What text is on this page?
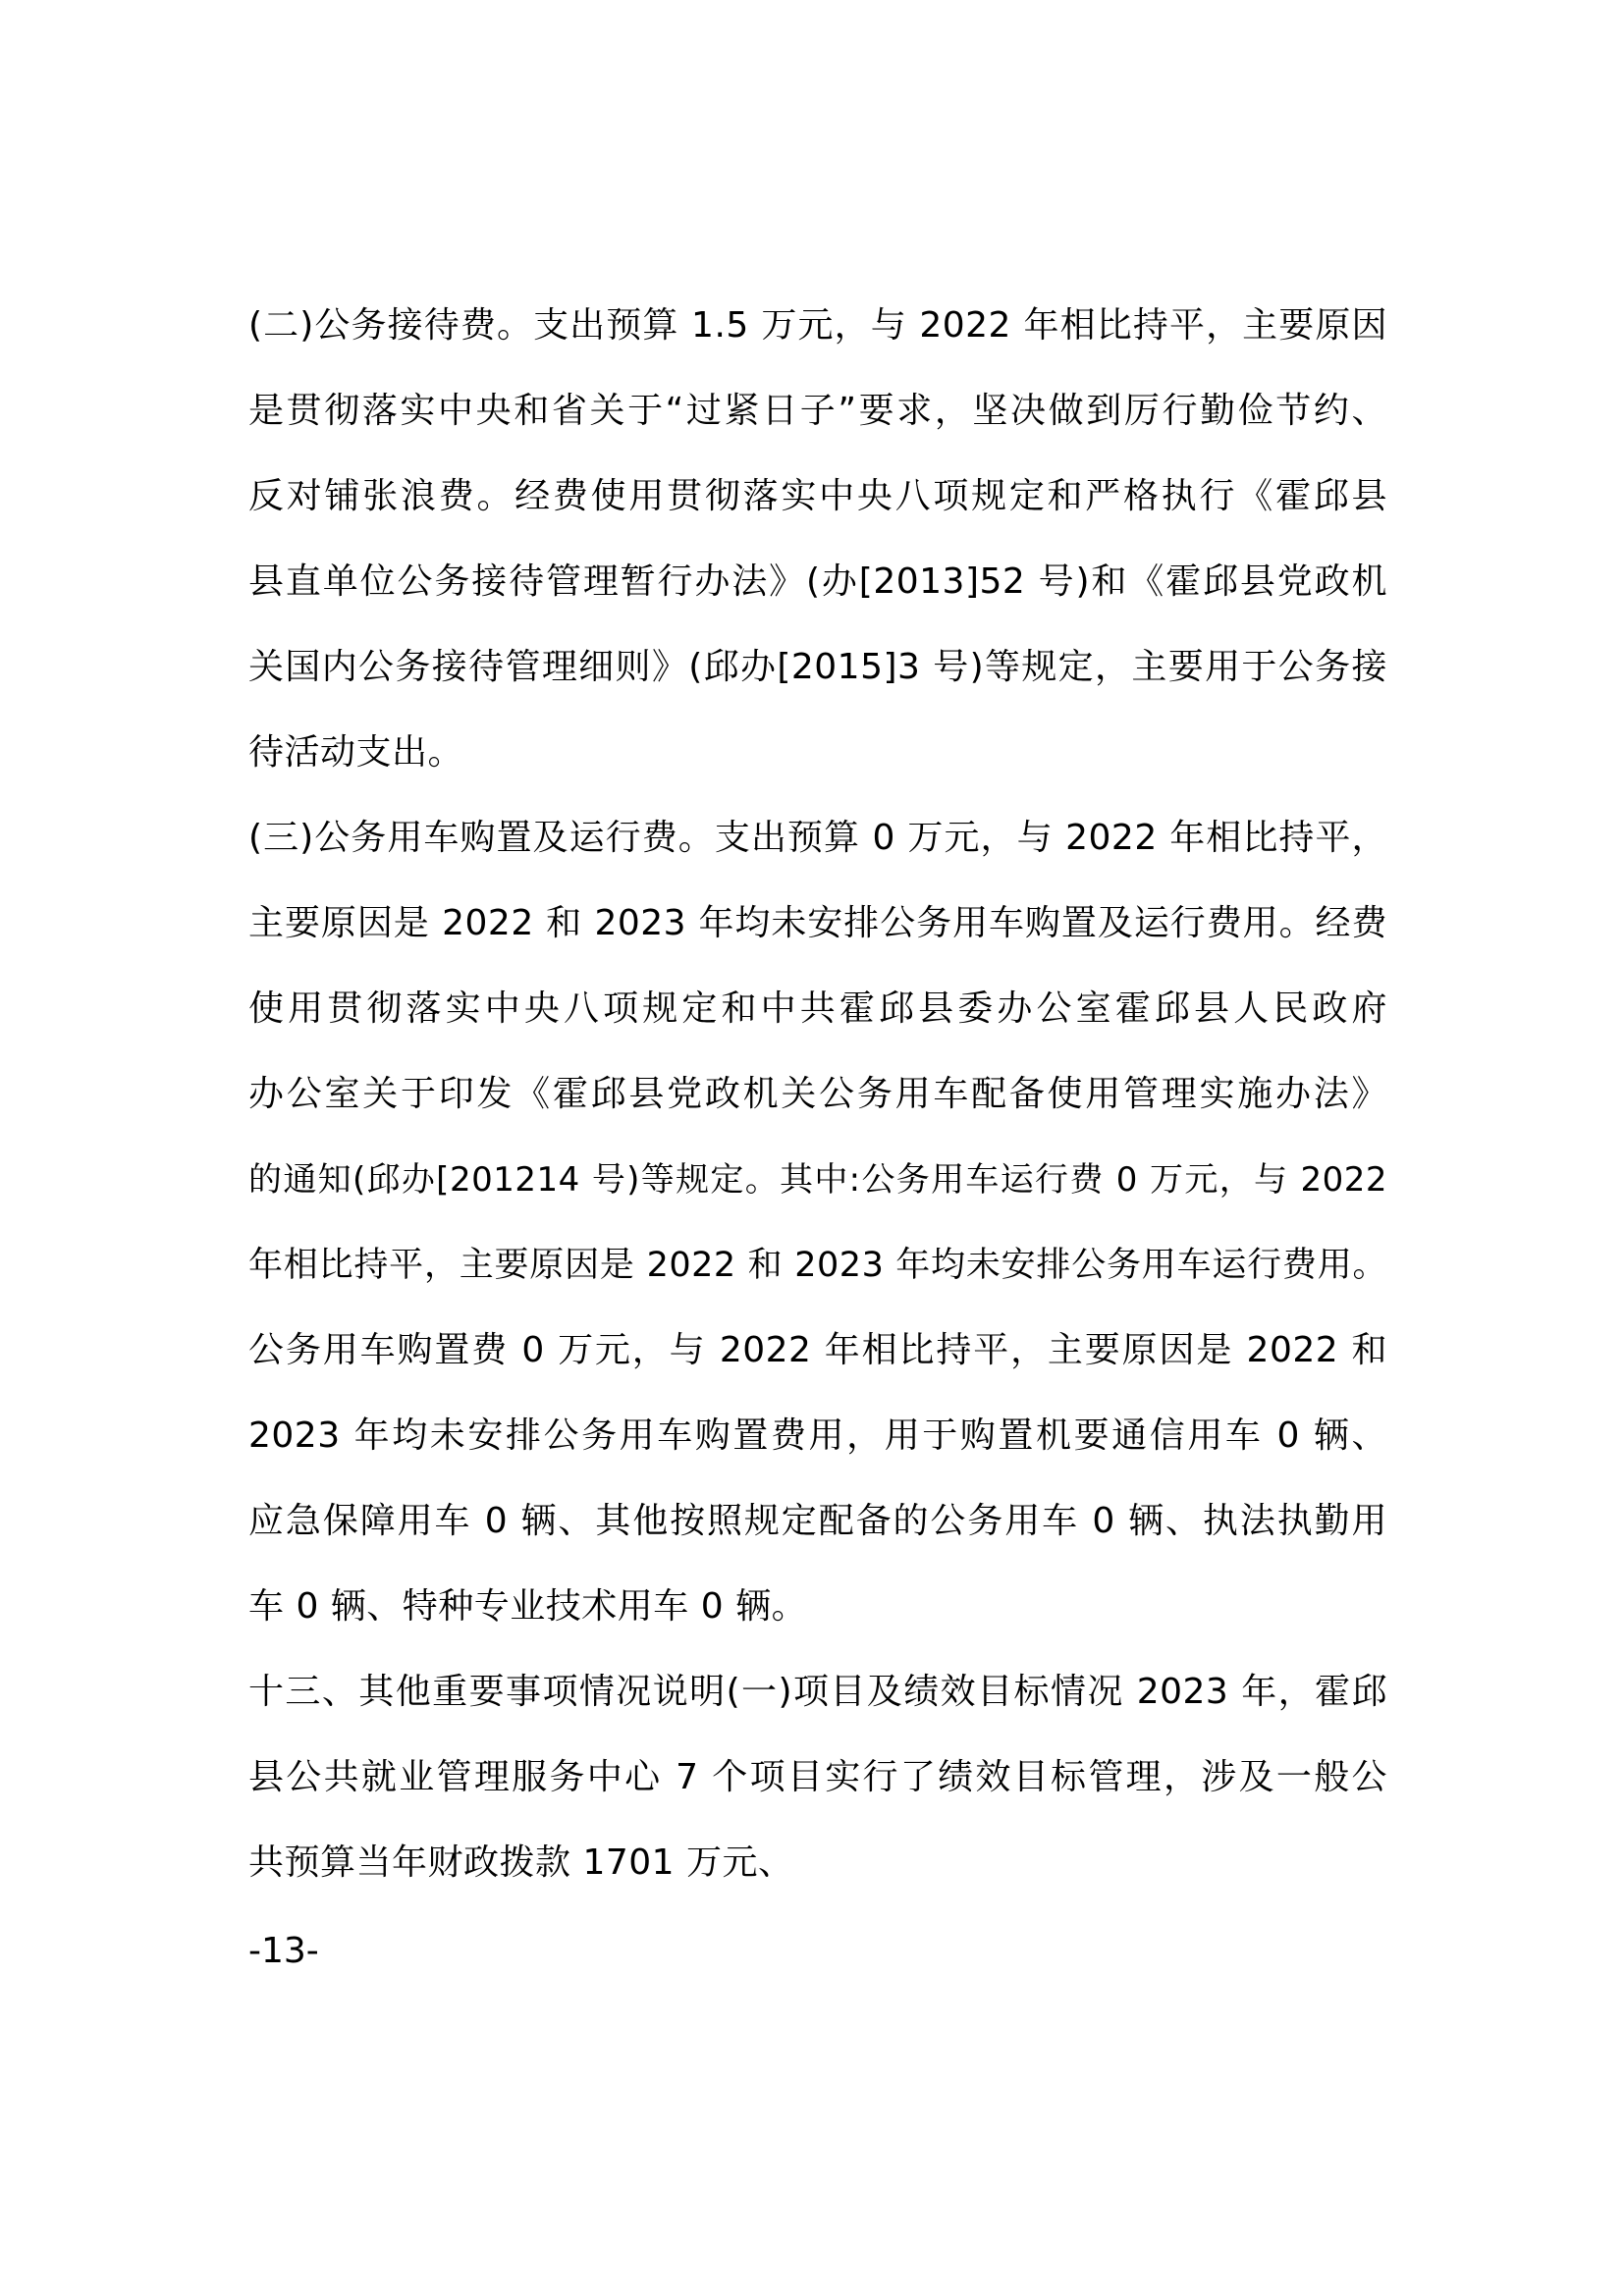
(二)公务接待费。支出预算 1.5 万元，与 2022 年相比持平，主要原因
是贯彻落实中央和省关于“过紧日子”要求，坚决做到厉行勤俭节约、
反对铺张浪费。经费使用贯彻落实中央八项规定和严格执行《霍邱县
县直单位公务接待管理暂行办法》(办[2013]52 号)和《霍邱县党政机
关国内公务接待管理细则》(邱办[2015]3 号)等规定，主要用于公务接
待活动支出。
(三)公务用车购置及运行费。支出预算 0 万元，与 2022 年相比持平，
主要原因是 2022 和 2023 年均未安排公务用车购置及运行费用。经费
使用贯彻落实中央八项规定和中共霍邱县委办公室霍邱县人民政府
办公室关于印发《霍邱县党政机关公务用车配备使用管理实施办法》
的通知(邱办[201214 号)等规定。其中:公务用车运行费 0 万元，与 2022
年相比持平，主要原因是 2022 和 2023 年均未安排公务用车运行费用。
公务用车购置费 0 万元，与 2022 年相比持平，主要原因是 2022 和
2023 年均未安排公务用车购置费用，用于购置机要通信用车 0 辆、
应急保障用车 0 辆、其他按照规定配备的公务用车 0 辆、执法执勤用
车 0 辆、特种专业技术用车 0 辆。
十三、其他重要事项情况说明(一)项目及绩效目标情况 2023 年，霍邱
县公共就业管理服务中心 7 个项目实行了绩效目标管理，涉及一般公
共预算当年财政拨款 1701 万元、
-13-
